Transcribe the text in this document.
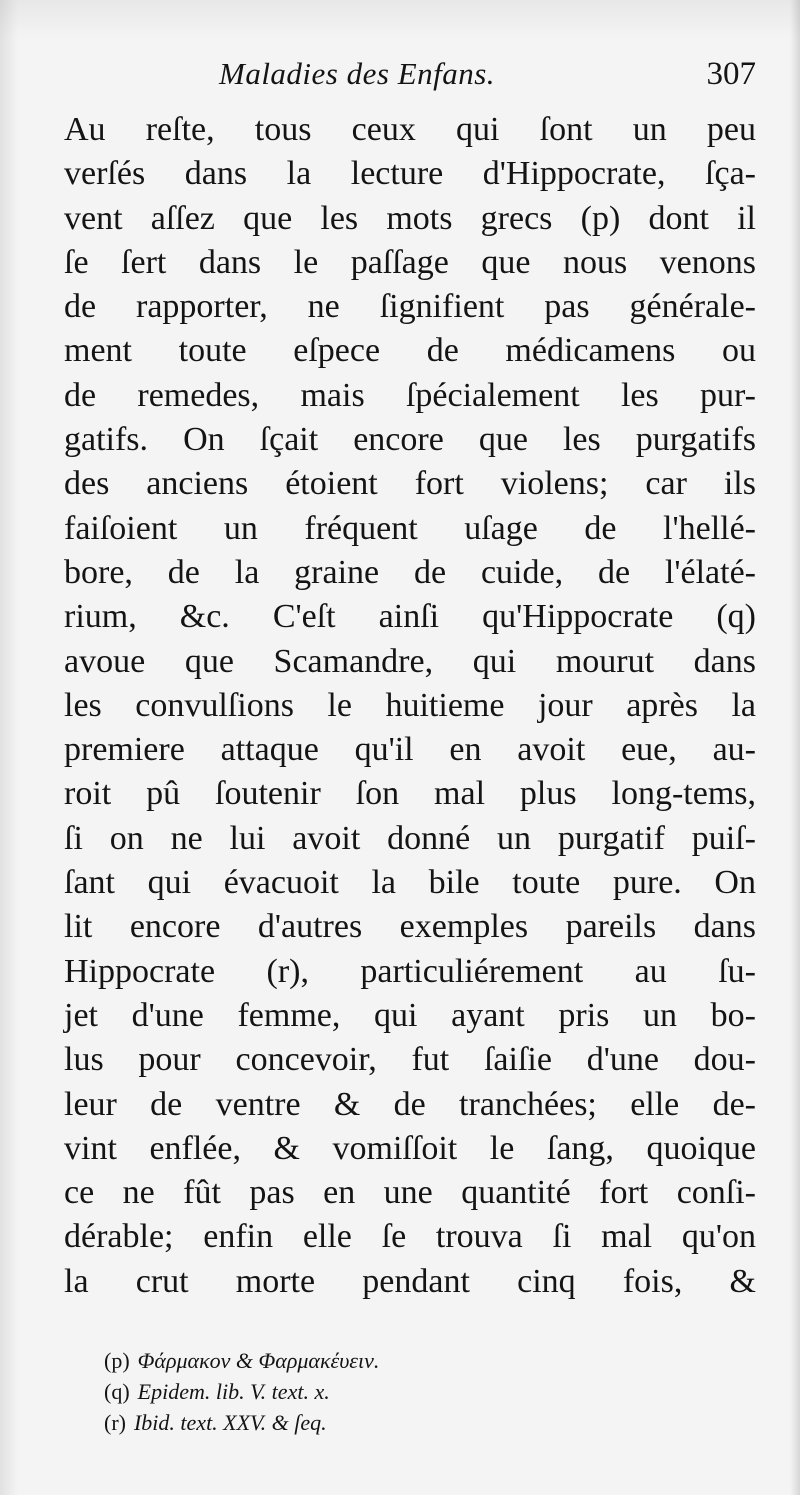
Maladies des Enfans.	307
Au reſte, tous ceux qui ſont un peu
verſés dans la lecture d'Hippocrate, ſça-
vent aſſez que les mots grecs (p) dont il
ſe ſert dans le paſſage que nous venons
de rapporter, ne ſignifient pas générale-
ment toute eſpece de médicamens ou
de remedes, mais ſpécialement les pur-
gatifs. On ſçait encore que les purgatifs
des anciens étoient fort violens; car ils
faiſoient un fréquent uſage de l'hellé-
bore, de la graine de cuide, de l'élaté-
rium, &c. C'eſt ainſi qu'Hippocrate (q)
avoue que Scamandre, qui mourut dans
les convulſions le huitieme jour après la
premiere attaque qu'il en avoit eue, au-
roit pû ſoutenir ſon mal plus long-tems,
ſi on ne lui avoit donné un purgatif puiſ-
ſant qui évacuoit la bile toute pure. On
lit encore d'autres exemples pareils dans
Hippocrate (r), particuliérement au ſu-
jet d'une femme, qui ayant pris un bo-
lus pour concevoir, fut ſaiſie d'une dou-
leur de ventre & de tranchées; elle de-
vint enflée, & vomiſſoit le ſang, quoique
ce ne fût pas en une quantité fort conſi-
dérable; enfin elle ſe trouva ſi mal qu'on
la crut morte pendant cinq fois, &
(p) Φάρμακον & Φαρμακέυειν.
(q) Epidem. lib. V. text. x.
(r) Ibid. text. XXV. & ſeq.
